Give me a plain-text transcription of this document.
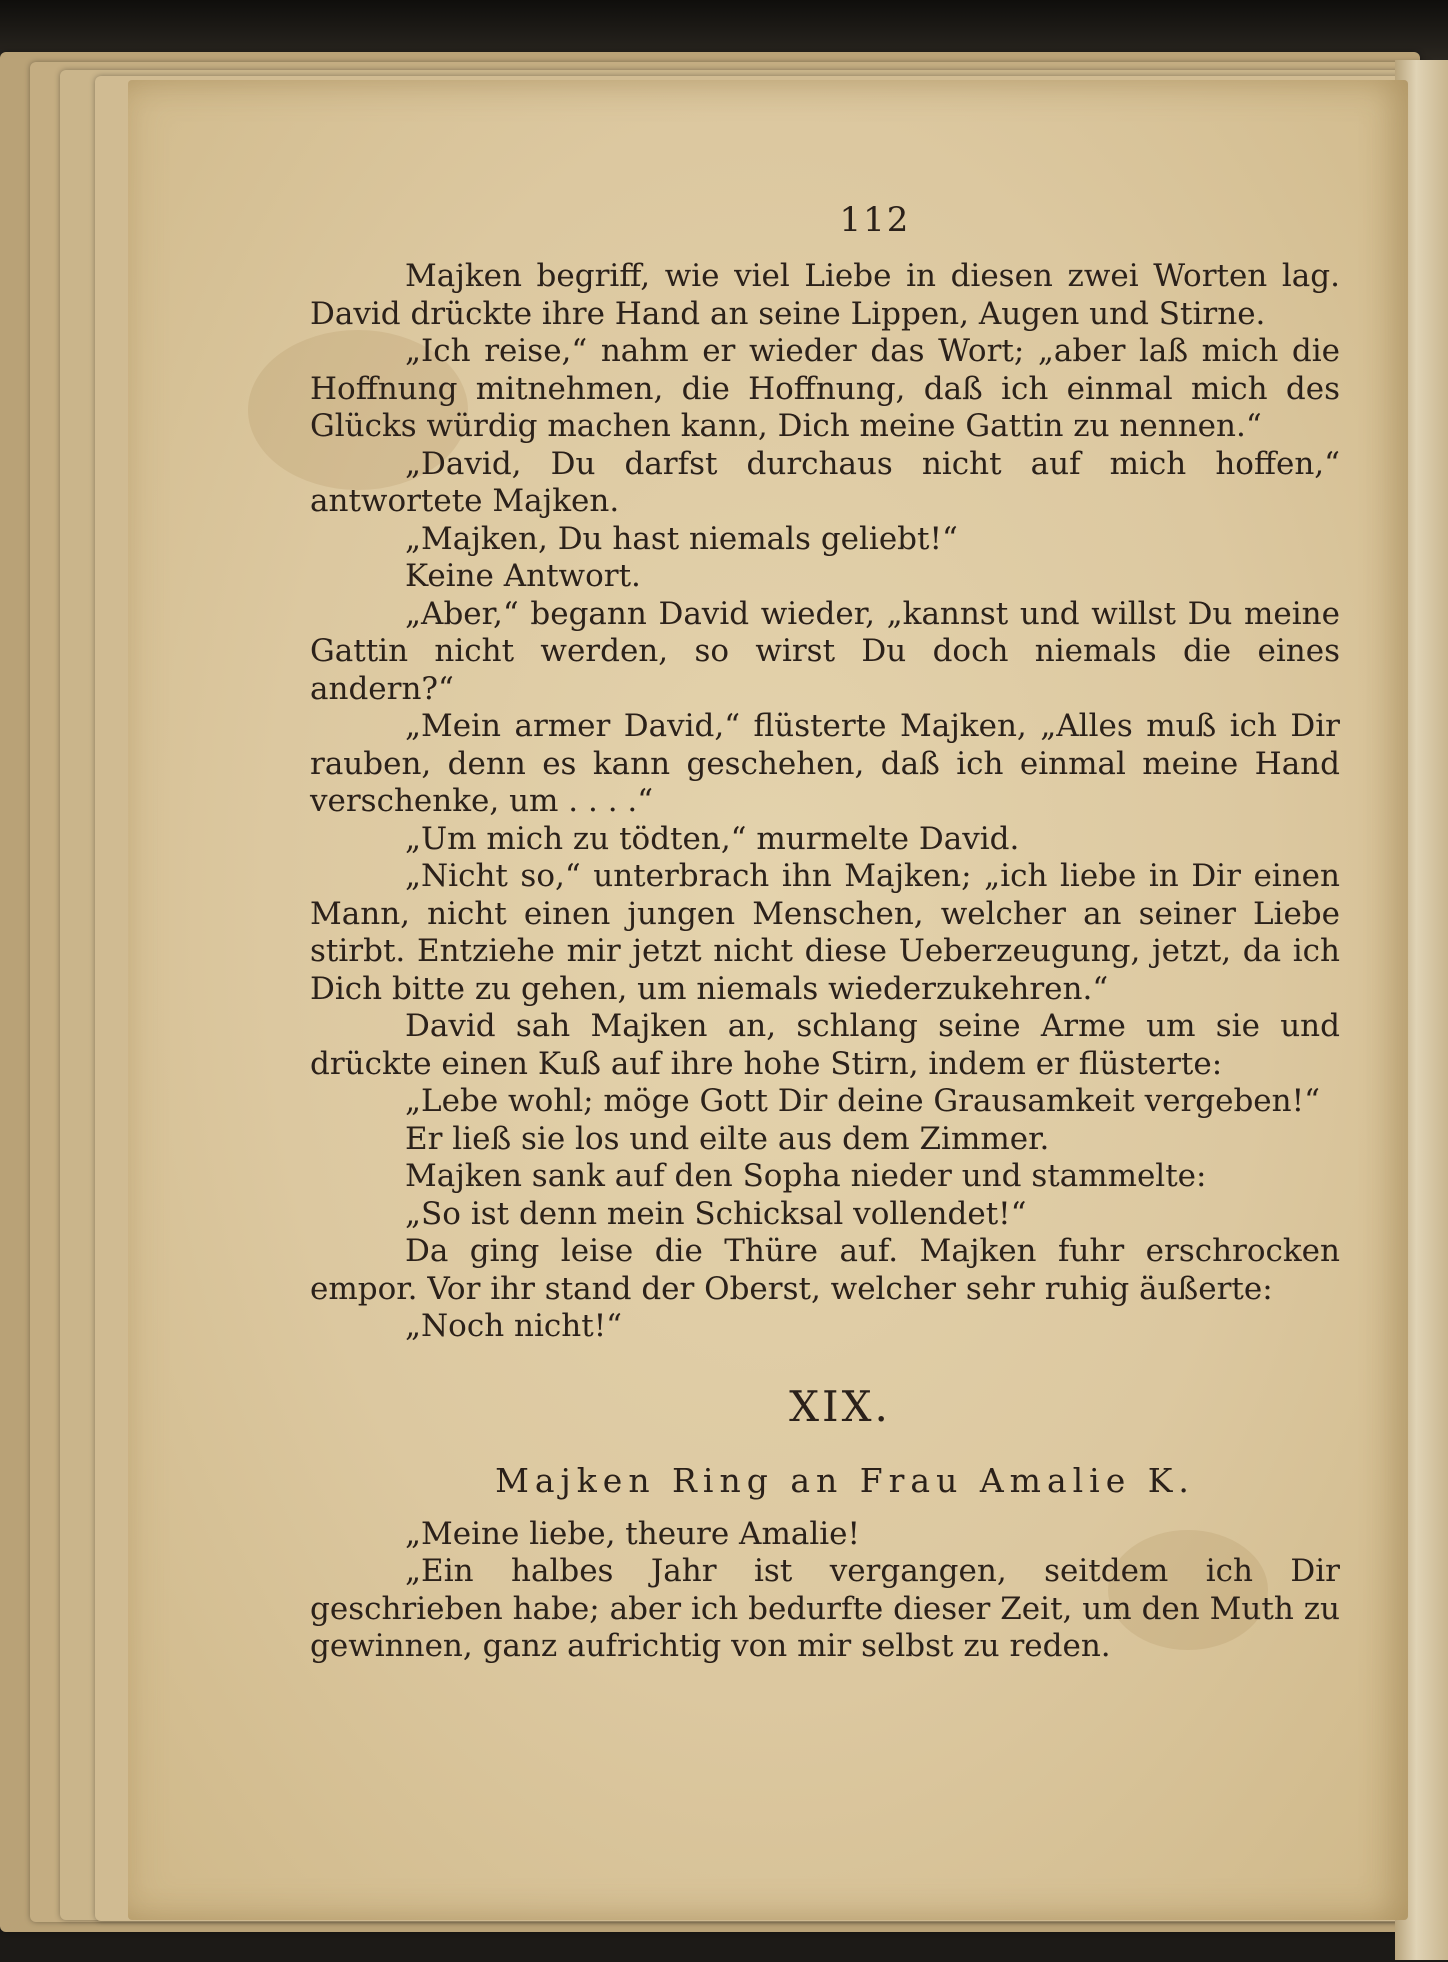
112

Majken begriff, wie viel Liebe in diesen zwei Worten lag. David drückte ihre Hand an seine Lippen, Augen und Stirne.

„Ich reise,“ nahm er wieder das Wort; „aber laß mich die Hoffnung mitnehmen, die Hoffnung, daß ich einmal mich des Glücks würdig machen kann, Dich meine Gattin zu nennen.“

„David, Du darfst durchaus nicht auf mich hoffen,“ antwortete Majken.

„Majken, Du hast niemals geliebt!“

Keine Antwort.

„Aber,“ begann David wieder, „kannst und willst Du meine Gattin nicht werden, so wirst Du doch niemals die eines andern?“

„Mein armer David,“ flüsterte Majken, „Alles muß ich Dir rauben, denn es kann geschehen, daß ich einmal meine Hand verschenke, um . . . .“

„Um mich zu tödten,“ murmelte David.

„Nicht so,“ unterbrach ihn Majken; „ich liebe in Dir einen Mann, nicht einen jungen Menschen, welcher an seiner Liebe stirbt. Entziehe mir jetzt nicht diese Ueberzeugung, jetzt, da ich Dich bitte zu gehen, um niemals wiederzukehren.“

David sah Majken an, schlang seine Arme um sie und drückte einen Kuß auf ihre hohe Stirn, indem er flüsterte:

„Lebe wohl; möge Gott Dir deine Grausamkeit vergeben!“

Er ließ sie los und eilte aus dem Zimmer.

Majken sank auf den Sopha nieder und stammelte:

„So ist denn mein Schicksal vollendet!“

Da ging leise die Thüre auf. Majken fuhr erschrocken empor. Vor ihr stand der Oberst, welcher sehr ruhig äußerte:

„Noch nicht!“

XIX.
Majken Ring an Frau Amalie K.

„Meine liebe, theure Amalie!

„Ein halbes Jahr ist vergangen, seitdem ich Dir geschrieben habe; aber ich bedurfte dieser Zeit, um den Muth zu gewinnen, ganz aufrichtig von mir selbst zu reden.
